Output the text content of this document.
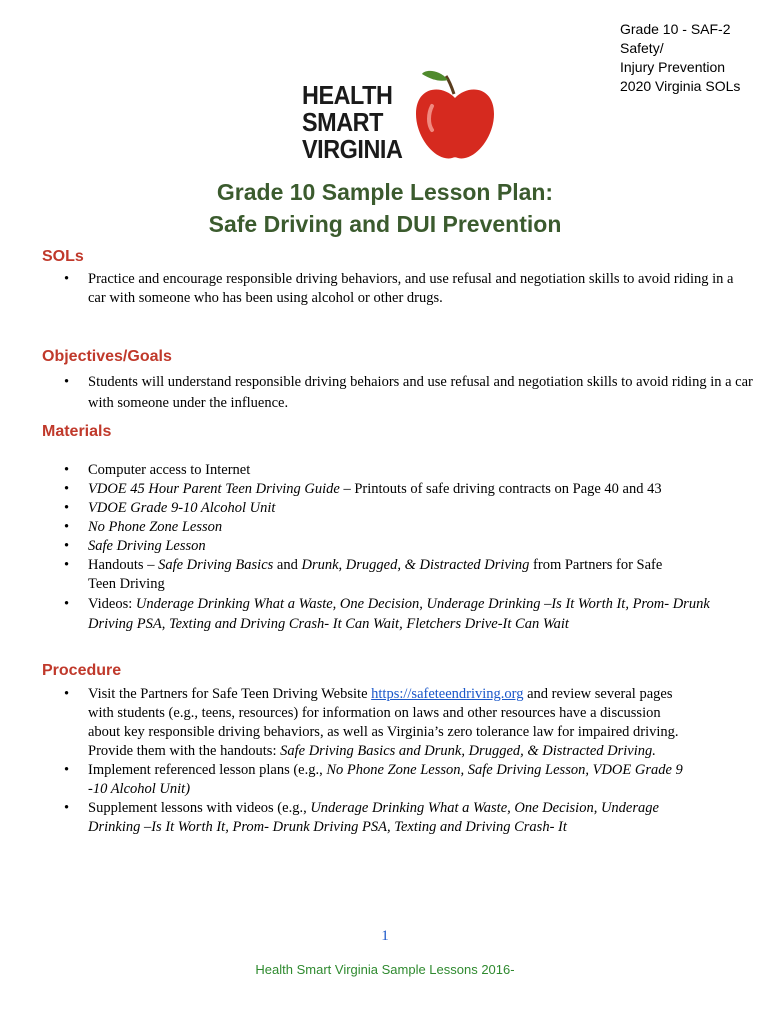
Grade 10 - SAF-2
Safety/
Injury Prevention
2020 Virginia SOLs
HEALTH
SMART
VIRGINIA
Grade 10 Sample Lesson Plan:
Safe Driving and DUI Prevention
SOLs
• Practice and encourage responsible driving behaviors, and use refusal and negotiation skills to avoid riding in a car with someone who has been using alcohol or other drugs.
Objectives/Goals
• Students will understand responsible driving behaiors and use refusal and negotiation skills to avoid riding in a car with someone under the influence.
Materials
• Computer access to Internet
• VDOE 45 Hour Parent Teen Driving Guide – Printouts of safe driving contracts on Page 40 and 43
• VDOE Grade 9-10 Alcohol Unit
• No Phone Zone Lesson
• Safe Driving Lesson
• Handouts – Safe Driving Basics and Drunk, Drugged, & Distracted Driving from Partners for Safe Teen Driving
• Videos: Underage Drinking What a Waste, One Decision, Underage Drinking –Is It Worth It, Prom- Drunk Driving PSA, Texting and Driving Crash- It Can Wait, Fletchers Drive-It Can Wait
Procedure
• Visit the Partners for Safe Teen Driving Website https://safeteendriving.org and review several pages with students (e.g., teens, resources) for information on laws and other resources have a discussion about key responsible driving behaviors, as well as Virginia’s zero tolerance law for impaired driving. Provide them with the handouts: Safe Driving Basics and Drunk, Drugged, & Distracted Driving.
• Implement referenced lesson plans (e.g., No Phone Zone Lesson, Safe Driving Lesson, VDOE Grade 9 -10 Alcohol Unit)
• Supplement lessons with videos (e.g., Underage Drinking What a Waste, One Decision, Underage Drinking –Is It Worth It, Prom- Drunk Driving PSA, Texting and Driving Crash- It
1
Health Smart Virginia Sample Lessons 2016-
